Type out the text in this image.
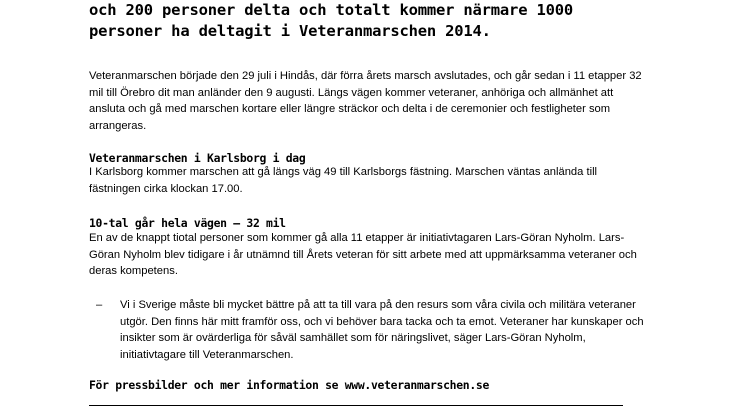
och 200 personer delta och totalt kommer närmare 1000 personer ha deltagit i Veteranmarschen 2014.
Veteranmarschen började den 29 juli i Hindås, där förra årets marsch avslutades, och går sedan i 11 etapper 32 mil till Örebro dit man anländer den 9 augusti. Längs vägen kommer veteraner, anhöriga och allmänhet att ansluta och gå med marschen kortare eller längre sträckor och delta i de ceremonier och festligheter som arrangeras.
Veteranmarschen i Karlsborg i dag
I Karlsborg kommer marschen att gå längs väg 49 till Karlsborgs fästning. Marschen väntas anlända till fästningen cirka klockan 17.00.
10-tal går hela vägen – 32 mil
En av de knappt tiotal personer som kommer gå alla 11 etapper är initiativtagaren Lars-Göran Nyholm. Lars-Göran Nyholm blev tidigare i år utnämnd till Årets veteran för sitt arbete med att uppmärksamma veteraner och deras kompetens.
– Vi i Sverige måste bli mycket bättre på att ta till vara på den resurs som våra civila och militära veteraner utgör. Den finns här mitt framför oss, och vi behöver bara tacka och ta emot. Veteraner har kunskaper och insikter som är ovärderliga för såväl samhället som för näringslivet, säger Lars-Göran Nyholm, initiativtagare till Veteranmarschen.
För pressbilder och mer information se www.veteranmarschen.se
